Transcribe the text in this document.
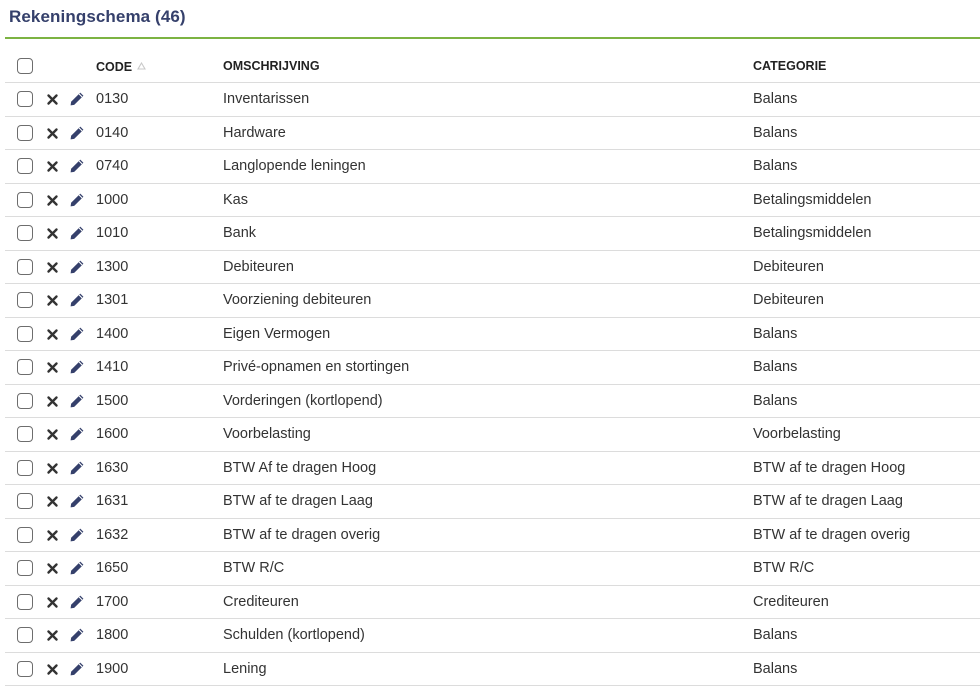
Rekeningschema (46)
CODE	OMSCHRIJVING	CATEGORIE
0130	Inventarissen	Balans
0140	Hardware	Balans
0740	Langlopende leningen	Balans
1000	Kas	Betalingsmiddelen
1010	Bank	Betalingsmiddelen
1300	Debiteuren	Debiteuren
1301	Voorziening debiteuren	Debiteuren
1400	Eigen Vermogen	Balans
1410	Privé-opnamen en stortingen	Balans
1500	Vorderingen (kortlopend)	Balans
1600	Voorbelasting	Voorbelasting
1630	BTW Af te dragen Hoog	BTW af te dragen Hoog
1631	BTW af te dragen Laag	BTW af te dragen Laag
1632	BTW af te dragen overig	BTW af te dragen overig
1650	BTW R/C	BTW R/C
1700	Crediteuren	Crediteuren
1800	Schulden (kortlopend)	Balans
1900	Lening	Balans
